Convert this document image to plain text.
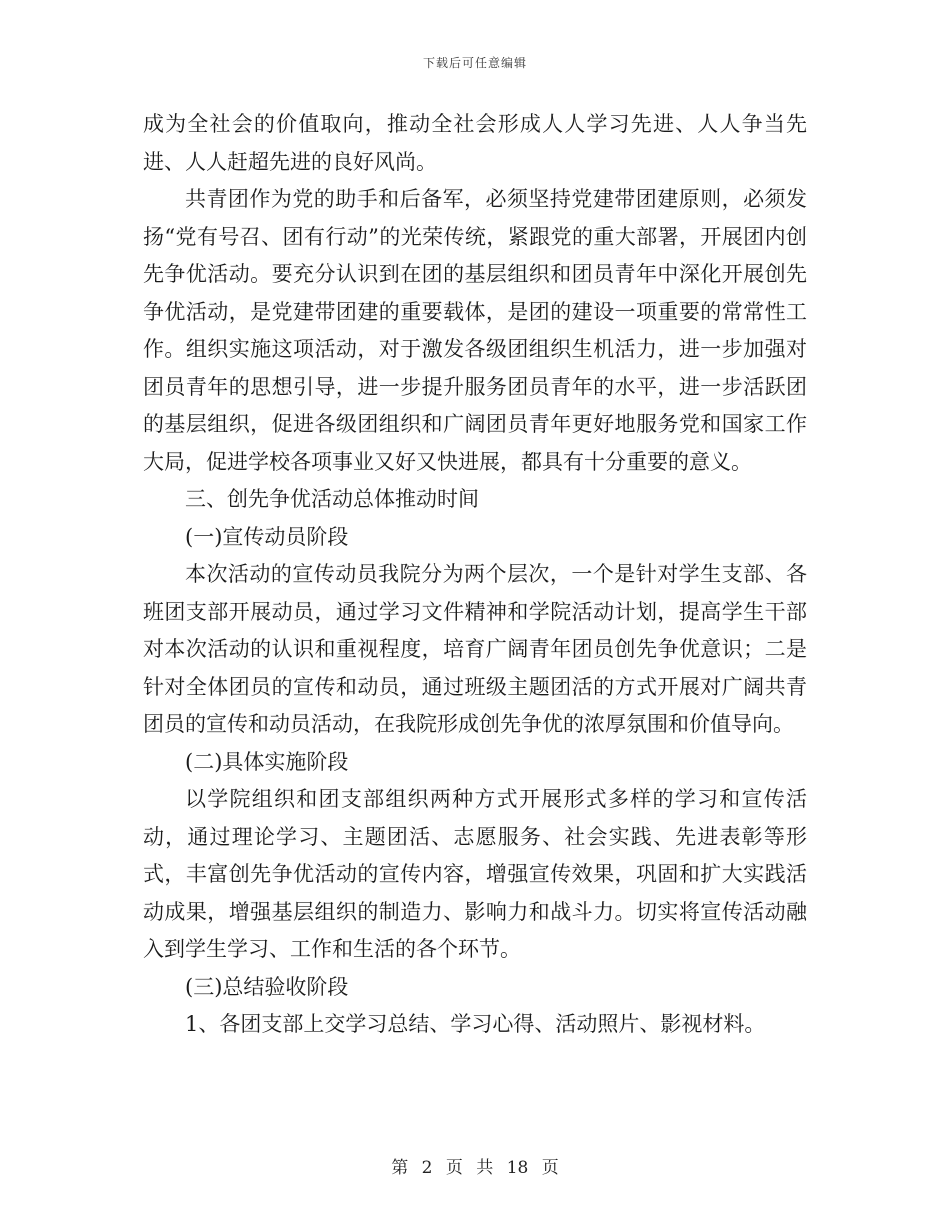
下载后可任意编辑

成为全社会的价值取向，推动全社会形成人人学习先进、人人争当先进、人人赶超先进的良好风尚。

共青团作为党的助手和后备军，必须坚持党建带团建原则，必须发扬“党有号召、团有行动”的光荣传统，紧跟党的重大部署，开展团内创先争优活动。要充分认识到在团的基层组织和团员青年中深化开展创先争优活动，是党建带团建的重要载体，是团的建设一项重要的常常性工作。组织实施这项活动，对于激发各级团组织生机活力，进一步加强对团员青年的思想引导，进一步提升服务团员青年的水平，进一步活跃团的基层组织，促进各级团组织和广阔团员青年更好地服务党和国家工作大局，促进学校各项事业又好又快进展，都具有十分重要的意义。

三、创先争优活动总体推动时间

(一)宣传动员阶段

本次活动的宣传动员我院分为两个层次，一个是针对学生支部、各班团支部开展动员，通过学习文件精神和学院活动计划，提高学生干部对本次活动的认识和重视程度，培育广阔青年团员创先争优意识；二是针对全体团员的宣传和动员，通过班级主题团活的方式开展对广阔共青团员的宣传和动员活动，在我院形成创先争优的浓厚氛围和价值导向。

(二)具体实施阶段

以学院组织和团支部组织两种方式开展形式多样的学习和宣传活动，通过理论学习、主题团活、志愿服务、社会实践、先进表彰等形式，丰富创先争优活动的宣传内容，增强宣传效果，巩固和扩大实践活动成果，增强基层组织的制造力、影响力和战斗力。切实将宣传活动融入到学生学习、工作和生活的各个环节。

(三)总结验收阶段

1、各团支部上交学习总结、学习心得、活动照片、影视材料。

第 2 页 共 18 页
